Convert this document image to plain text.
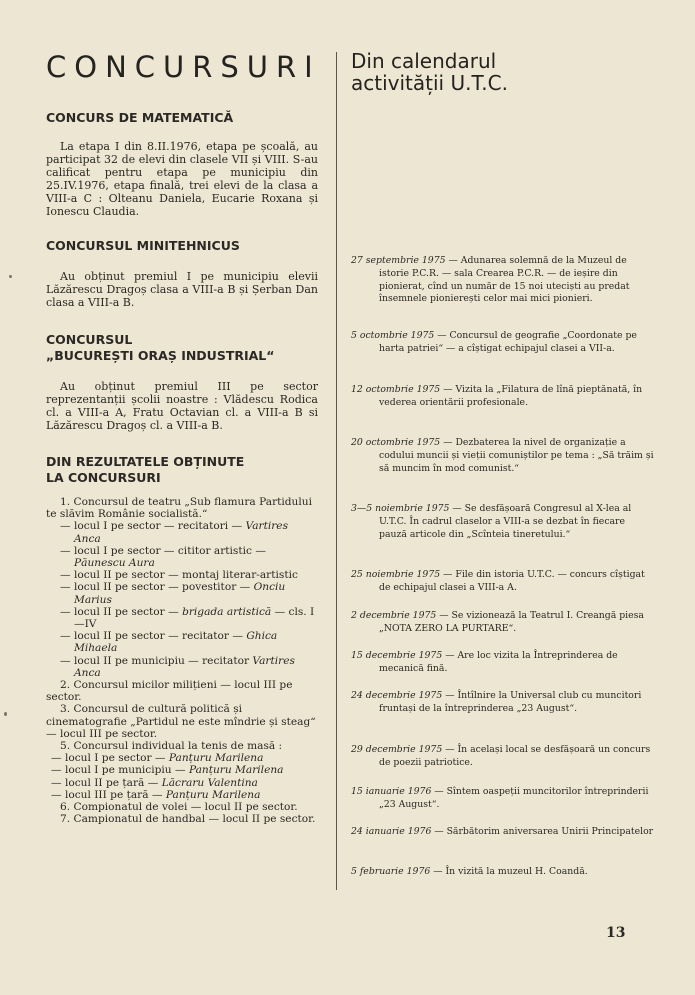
CONCURSURI
CONCURS DE MATEMATICĂ

La etapa I din 8.II.1976, etapa pe școală, au participat 32 de elevi din clasele VII și VIII. S-au calificat pentru etapa pe municipiu din 25.IV.1976, etapa finală, trei elevi de la clasa a VIII-a C : Olteanu Daniela, Eucarie Roxana și Ionescu Claudia.

CONCURSUL MINITEHNICUS

Au obținut premiul I pe municipiu elevii Lăzărescu Dragoș clasa a VIII-a B și Șerban Dan clasa a VIII-a B.

CONCURSUL
„BUCUREȘTI ORAȘ INDUSTRIAL“

Au obținut premiul III pe sector reprezentanții școlii noastre : Vlădescu Rodica cl. a VIII-a A, Fratu Octavian cl. a VIII-a B si Lăzărescu Dragoș cl. a VIII-a B.

DIN REZULTATELE OBȚINUTE
LA CONCURSURI

1. Concursul de teatru „Sub flamura Partidului te slăvim Românie socialistă.“

— locul I pe sector — recitatori — Vartires Anca

— locul I pe sector — cititor artistic — Păunescu Aura

— locul II pe sector — montaj literar-artistic

— locul II pe sector — povestitor — Onciu Marius

— locul II pe sector — brigada artistică — cls. I—IV

— locul II pe sector — recitator — Ghica Mihaela

— locul II pe municipiu — recitator Vartires Anca

2. Concursul micilor milițieni — locul III pe sector.

3. Concursul de cultură politică și cinematografie „Partidul ne este mîndrie și steag“ — locul III pe sector.

5. Concursul individual la tenis de masă :

— locul I pe sector — Panțuru Marilena

— locul I pe municipiu — Panțuru Marilena

— locul II pe țară — Lăcraru Valentina

— locul III pe țară — Panțuru Marilena

6. Compionatul de volei — locul II pe sector.

7. Campionatul de handbal — locul II pe sector.

Din calendarul
activității U.T.C.
27 septembrie 1975 — Adunarea solemnă de la Muzeul de istorie P.C.R. — sala Crearea P.C.R. — de ieșire din pionierat, cînd un număr de 15 noi uteciști au predat însemnele pionierești celor mai mici pionieri.
5 octombrie 1975 — Concursul de geografie „Coordonate pe harta patriei“ — a cîștigat echipajul clasei a VII-a.
12 octombrie 1975 — Vizita la „Filatura de lînă pieptănată, în vederea orientării profesionale.
20 octombrie 1975 — Dezbaterea la nivel de organizație a codului muncii și vieții comuniștilor pe tema : „Să trăim și să muncim în mod comunist.“
3—5 noiembrie 1975 — Se desfășoară Congresul al X-lea al U.T.C. În cadrul claselor a VIII-a se dezbat în fiecare pauză articole din „Scînteia tineretului.“
25 noiembrie 1975 — File din istoria U.T.C. — concurs cîștigat de echipajul clasei a VIII-a A.
2 decembrie 1975 — Se vizionează la Teatrul I. Creangă piesa „NOTA ZERO LA PURTARE“.
15 decembrie 1975 — Are loc vizita la Întreprinderea de mecanică fină.
24 decembrie 1975 — Întîlnire la Universal club cu muncitori fruntași de la întreprinderea „23 August“.
29 decembrie 1975 — În același local se desfășoară un concurs de poezii patriotice.
15 ianuarie 1976 — Sîntem oaspeții muncitorilor întreprinderii „23 August“.
24 ianuarie 1976 — Sărbătorim aniversarea Unirii Principatelor
5 februarie 1976 — În vizită la muzeul H. Coandă.
13
